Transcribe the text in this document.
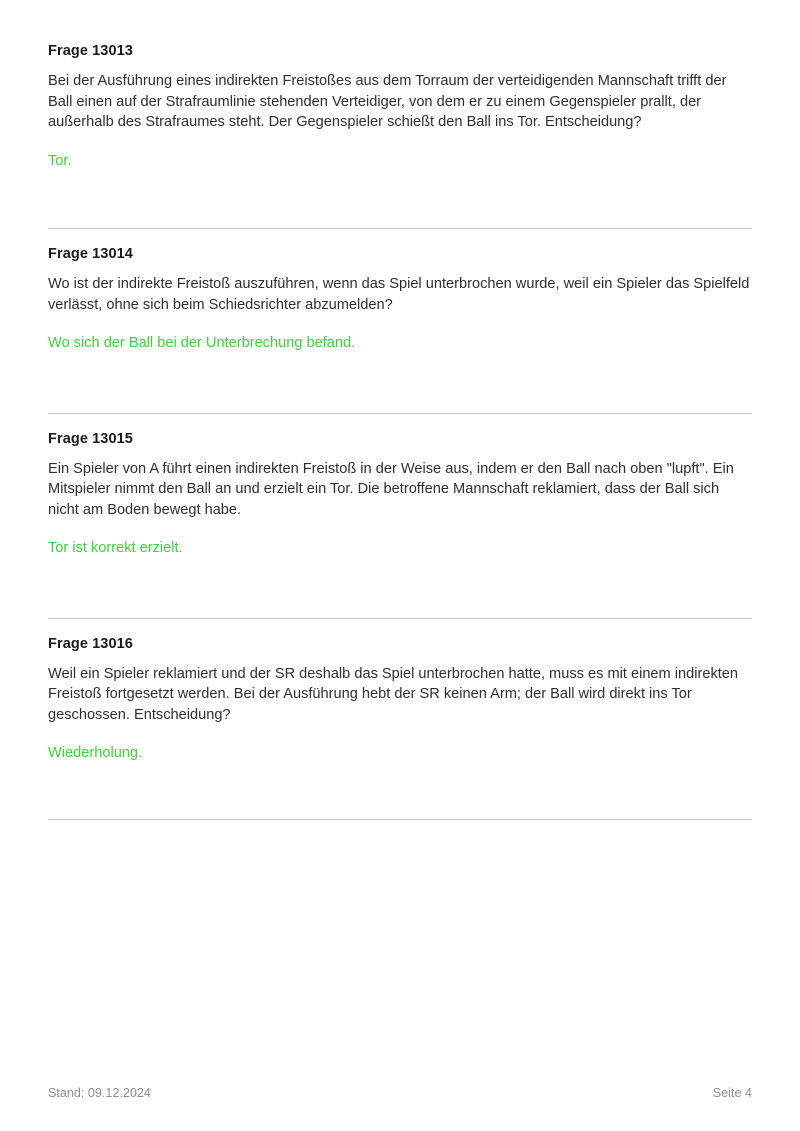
Frage 13013

Bei der Ausführung eines indirekten Freistoßes aus dem Torraum der verteidigenden Mannschaft trifft der Ball einen auf der Strafraumlinie stehenden Verteidiger, von dem er zu einem Gegenspieler prallt, der außerhalb des Strafraumes steht. Der Gegenspieler schießt den Ball ins Tor. Entscheidung?

Tor.

Frage 13014

Wo ist der indirekte Freistoß auszuführen, wenn das Spiel unterbrochen wurde, weil ein Spieler das Spielfeld verlässt, ohne sich beim Schiedsrichter abzumelden?

Wo sich der Ball bei der Unterbrechung befand.

Frage 13015

Ein Spieler von A führt einen indirekten Freistoß in der Weise aus, indem er den Ball nach oben "lupft". Ein Mitspieler nimmt den Ball an und erzielt ein Tor. Die betroffene Mannschaft reklamiert, dass der Ball sich nicht am Boden bewegt habe.

Tor ist korrekt erzielt.

Frage 13016

Weil ein Spieler reklamiert und der SR deshalb das Spiel unterbrochen hatte, muss es mit einem indirekten Freistoß fortgesetzt werden. Bei der Ausführung hebt der SR keinen Arm; der Ball wird direkt ins Tor geschossen. Entscheidung?

Wiederholung.

Stand: 09.12.2024	Seite 4
